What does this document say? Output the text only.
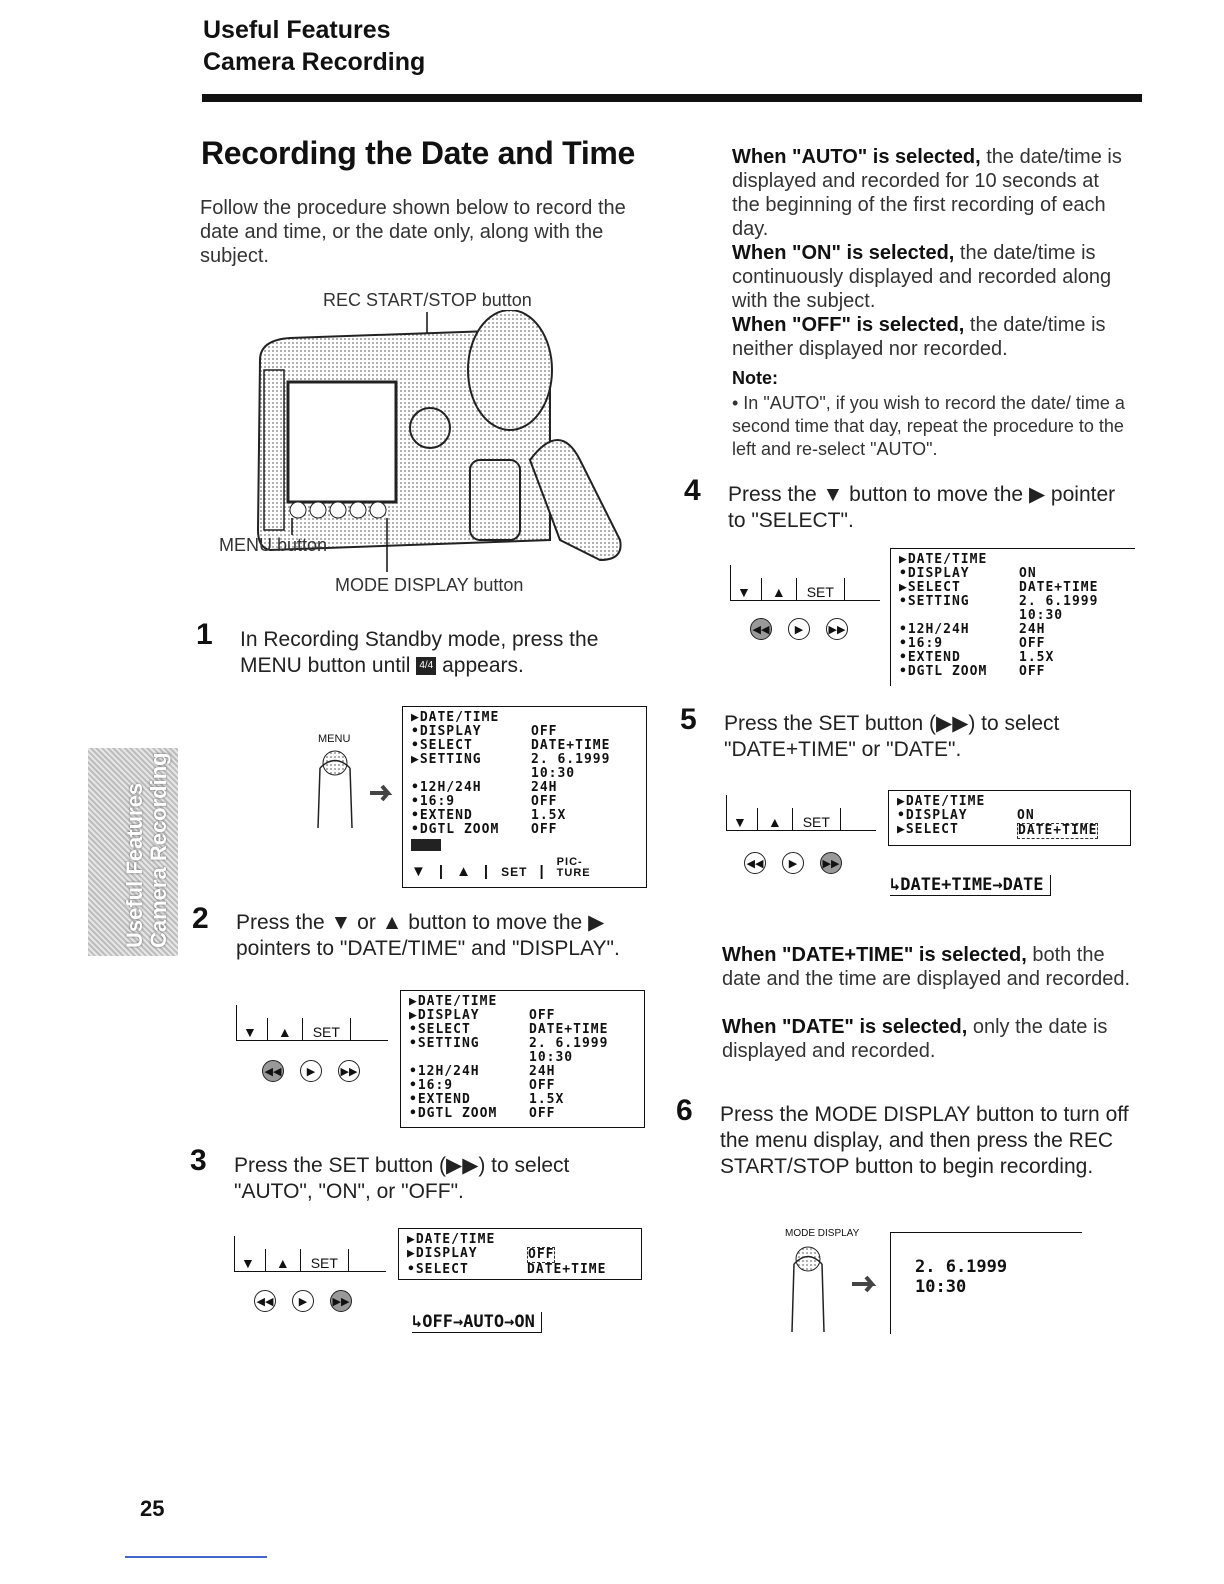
Useful Features
Camera Recording
Recording the Date and Time
Follow the procedure shown below to record the date and time, or the date only, along with the subject.
REC START/STOP button
MENU button
MODE DISPLAY button
1 In Recording Standby mode, press the MENU button until 4/4 appears.
MENU
▶DATE/TIME
•DISPLAY	OFF
•SELECT	DATE+TIME
▶SETTING	2. 6.1999
10:30
•12H/24H	24H
•16:9	OFF
•EXTEND	1.5X
•DGTL ZOOM	OFF
▼ | ▲ | SET |
PIC-TURE
2 Press the ▼ or ▲ button to move the ▶ pointers to "DATE/TIME" and "DISPLAY".
▼ ▲ SET
◀◀	▶	▶▶
▶DATE/TIME
▶DISPLAY	OFF
•SELECT	DATE+TIME
•SETTING	2. 6.1999
10:30
•12H/24H	24H
•16:9	OFF
•EXTEND	1.5X
•DGTL ZOOM	OFF
3 Press the SET button (▶▶) to select "AUTO", "ON", or "OFF".
▼ ▲ SET
◀◀	▶	▶▶
▶DATE/TIME
▶DISPLAY	OFF
•SELECT	DATE+TIME
↳OFF→AUTO→ON
When "AUTO" is selected, the date/time is displayed and recorded for 10 seconds at the beginning of the first recording of each day.
When "ON" is selected, the date/time is continuously displayed and recorded along with the subject.
When "OFF" is selected, the date/time is neither displayed nor recorded.
Note:
• In "AUTO", if you wish to record the date/ time a second time that day, repeat the procedure to the left and re-select "AUTO".
4 Press the ▼ button to move the ▶ pointer to "SELECT".
▼ ▲ SET
◀◀	▶	▶▶
▶DATE/TIME
•DISPLAY	ON
▶SELECT	DATE+TIME
•SETTING	2. 6.1999
10:30
•12H/24H	24H
•16:9	OFF
•EXTEND	1.5X
•DGTL ZOOM	OFF
5 Press the SET button (▶▶) to select "DATE+TIME" or "DATE".
▼ ▲ SET
◀◀	▶	▶▶
▶DATE/TIME
•DISPLAY	ON
▶SELECT	DATE+TIME
↳DATE+TIME→DATE
When "DATE+TIME" is selected, both the date and the time are displayed and recorded.
When "DATE" is selected, only the date is displayed and recorded.
6 Press the MODE DISPLAY button to turn off the menu display, and then press the REC START/STOP button to begin recording.
MODE DISPLAY
2. 6.1999
10:30
Useful Features Camera Recording
25
